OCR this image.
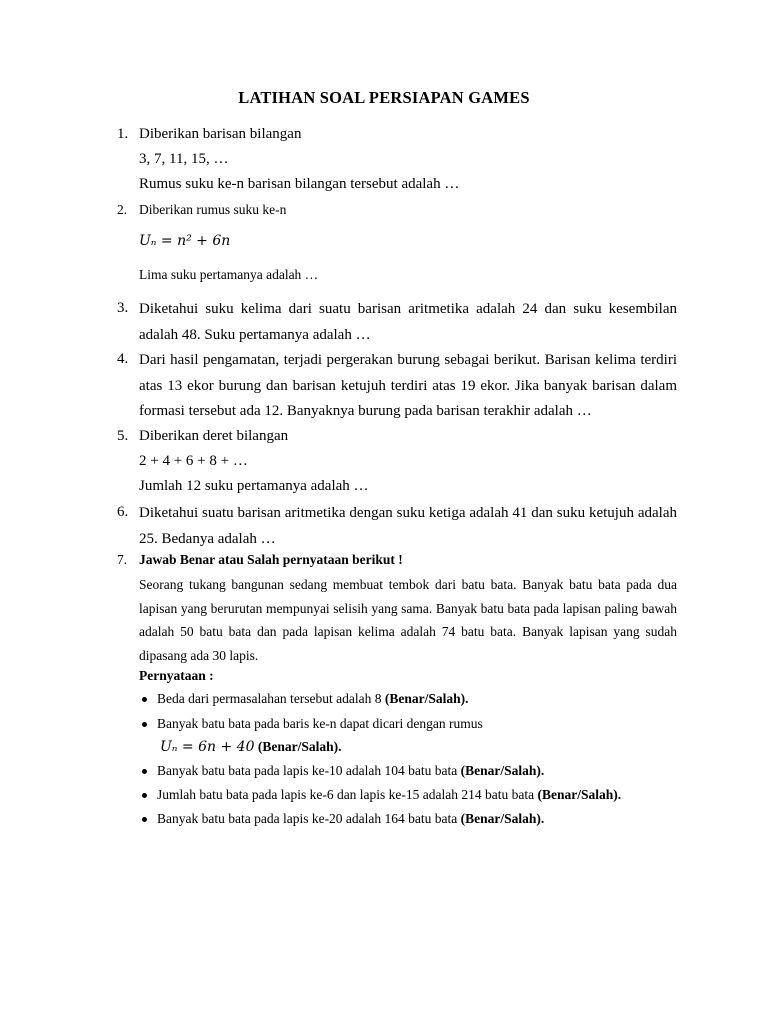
LATIHAN SOAL PERSIAPAN GAMES
1. Diberikan barisan bilangan
3, 7, 11, 15, …
Rumus suku ke-n barisan bilangan tersebut adalah …
2. Diberikan rumus suku ke-n
Uₙ = n² + 6n
Lima suku pertamanya adalah …
3. Diketahui suku kelima dari suatu barisan aritmetika adalah 24 dan suku kesembilan adalah 48. Suku pertamanya adalah …
4. Dari hasil pengamatan, terjadi pergerakan burung sebagai berikut. Barisan kelima terdiri atas 13 ekor burung dan barisan ketujuh terdiri atas 19 ekor. Jika banyak barisan dalam formasi tersebut ada 12. Banyaknya burung pada barisan terakhir adalah …
5. Diberikan deret bilangan
2 + 4 + 6 + 8 + …
Jumlah 12 suku pertamanya adalah …
6. Diketahui suatu barisan aritmetika dengan suku ketiga adalah 41 dan suku ketujuh adalah 25. Bedanya adalah …
7. Jawab Benar atau Salah pernyataan berikut !
Seorang tukang bangunan sedang membuat tembok dari batu bata. Banyak batu bata pada dua lapisan yang berurutan mempunyai selisih yang sama. Banyak batu bata pada lapisan paling bawah adalah 50 batu bata dan pada lapisan kelima adalah 74 batu bata. Banyak lapisan yang sudah dipasang ada 30 lapis.
Pernyataan :
Beda dari permasalahan tersebut adalah 8 (Benar/Salah).
Banyak batu bata pada baris ke-n dapat dicari dengan rumus
Uₙ = 6n + 40 (Benar/Salah).
Banyak batu bata pada lapis ke-10 adalah 104 batu bata (Benar/Salah).
Jumlah batu bata pada lapis ke-6 dan lapis ke-15 adalah 214 batu bata (Benar/Salah).
Banyak batu bata pada lapis ke-20 adalah 164 batu bata (Benar/Salah).
